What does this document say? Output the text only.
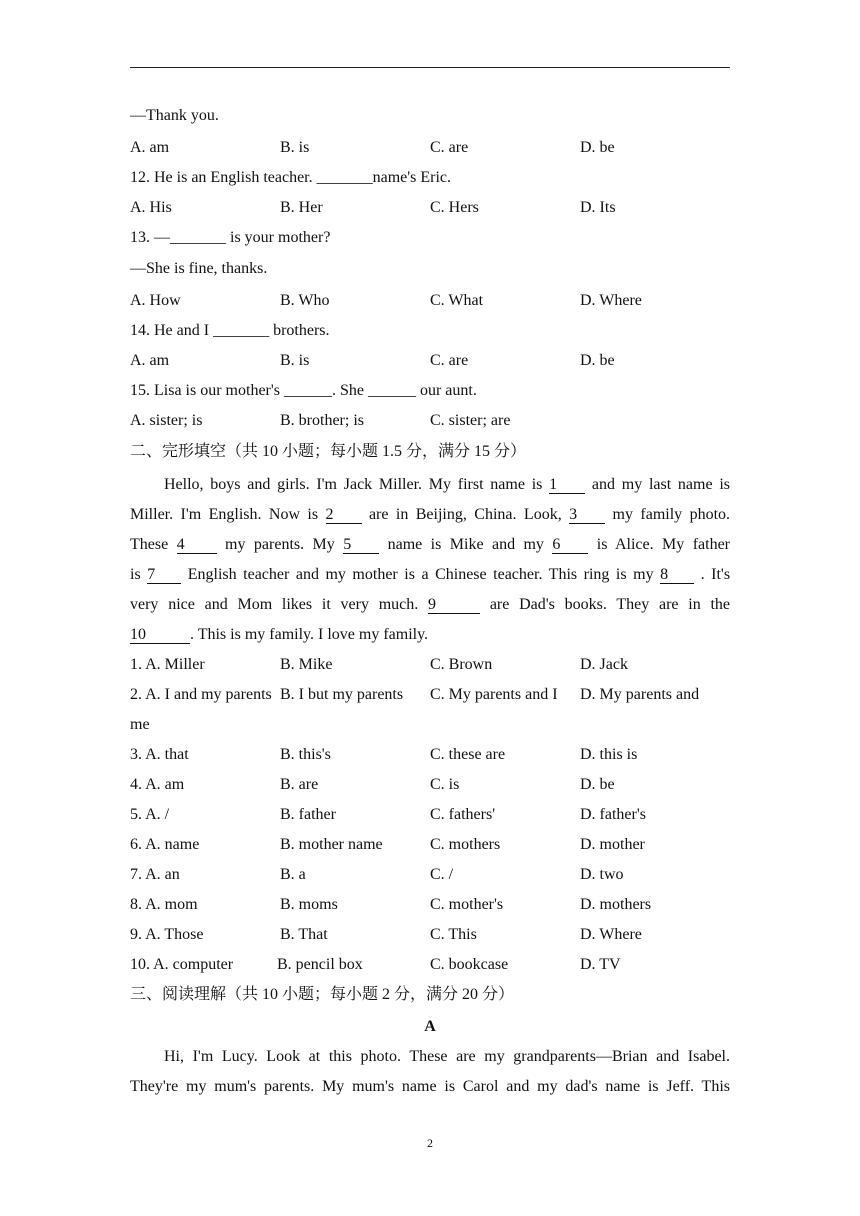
—Thank you.
A. am	B. is	C. are	D. be
12. He is an English teacher. _______name's Eric.
A. His	B. Her	C. Hers	D. Its
13. —_______ is your mother?
—She is fine, thanks.
A. How	B. Who	C. What	D. Where
14. He and I _______ brothers.
A. am	B. is	C. are	D. be
15. Lisa is our mother's ______. She ______ our aunt.
A. sister; is	B. brother; is	C. sister; are
二、完形填空（共 10 小题；每小题 1.5 分，满分 15 分）
Hello, boys and girls. I'm Jack Miller. My first name is 1 and my last name is
Miller. I'm English. Now is 2 are in Beijing, China. Look, 3 my family photo.
These 4	my parents. My 5 name is Mike and my 6 is Alice. My father
is 7 English teacher and my mother is a Chinese teacher. This ring is my 8 . It's
very nice and Mom likes it very much. 9	are Dad's books. They are in the
10	. This is my family. I love my family.
1. A. Miller	B. Mike	C. Brown	D. Jack
2. A. I and my parents B. I but my parents C. My parents and I D. My parents and
me
3. A. that	B. this's	C. these are	D. this is
4. A. am	B. are	C. is	D. be
5. A. /	B. father	C. fathers'	D. father's
6. A. name	B. mother name	C. mothers	D. mother
7. A. an	B. a	C. /	D. two
8. A. mom	B. moms	C. mother's	D. mothers
9. A. Those	B. That	C. This	D. Where
10. A. computer	B. pencil box	C. bookcase	D. TV
三、阅读理解（共 10 小题；每小题 2 分，满分 20 分）
A
Hi, I'm Lucy. Look at this photo. These are my grandparents—Brian and Isabel.
They're my mum's parents. My mum's name is Carol and my dad's name is Jeff. This
2
